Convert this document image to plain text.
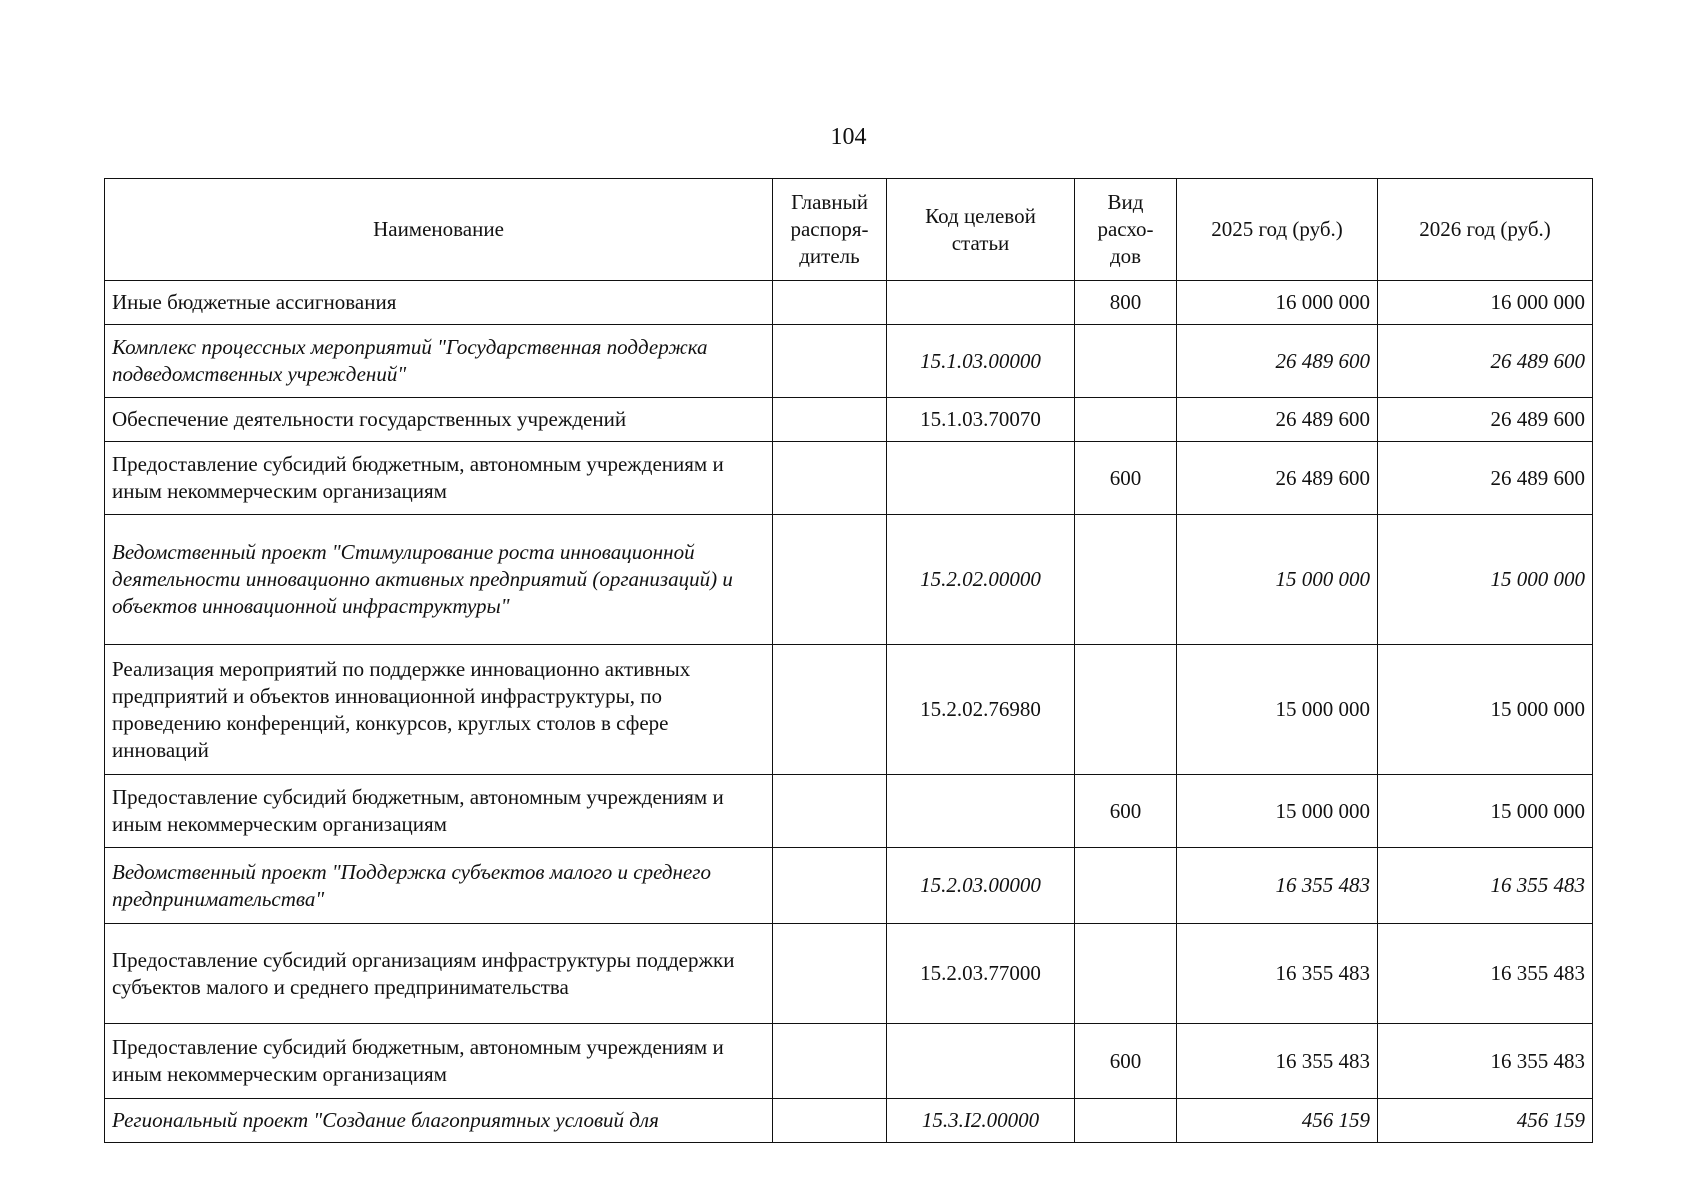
104
Наименование	Главный распоря-дитель	Код целевой статьи	Вид расхо-дов	2025 год (руб.)	2026 год (руб.)
Иные бюджетные ассигнования			800	16 000 000	16 000 000
Комплекс процессных мероприятий "Государственная поддержка подведомственных учреждений"		15.1.03.00000		26 489 600	26 489 600
Обеспечение деятельности государственных учреждений		15.1.03.70070		26 489 600	26 489 600
Предоставление субсидий бюджетным, автономным учреждениям и иным некоммерческим организациям			600	26 489 600	26 489 600
Ведомственный проект "Стимулирование роста инновационной деятельности инновационно активных предприятий (организаций) и объектов инновационной инфраструктуры"		15.2.02.00000		15 000 000	15 000 000
Реализация мероприятий по поддержке инновационно активных предприятий и объектов инновационной инфраструктуры, по проведению конференций, конкурсов, круглых столов в сфере инноваций		15.2.02.76980		15 000 000	15 000 000
Предоставление субсидий бюджетным, автономным учреждениям и иным некоммерческим организациям			600	15 000 000	15 000 000
Ведомственный проект "Поддержка субъектов малого и среднего предпринимательства"		15.2.03.00000		16 355 483	16 355 483
Предоставление субсидий организациям инфраструктуры поддержки субъектов малого и среднего предпринимательства		15.2.03.77000		16 355 483	16 355 483
Предоставление субсидий бюджетным, автономным учреждениям и иным некоммерческим организациям			600	16 355 483	16 355 483
Региональный проект "Создание благоприятных условий для		15.3.I2.00000		456 159	456 159
